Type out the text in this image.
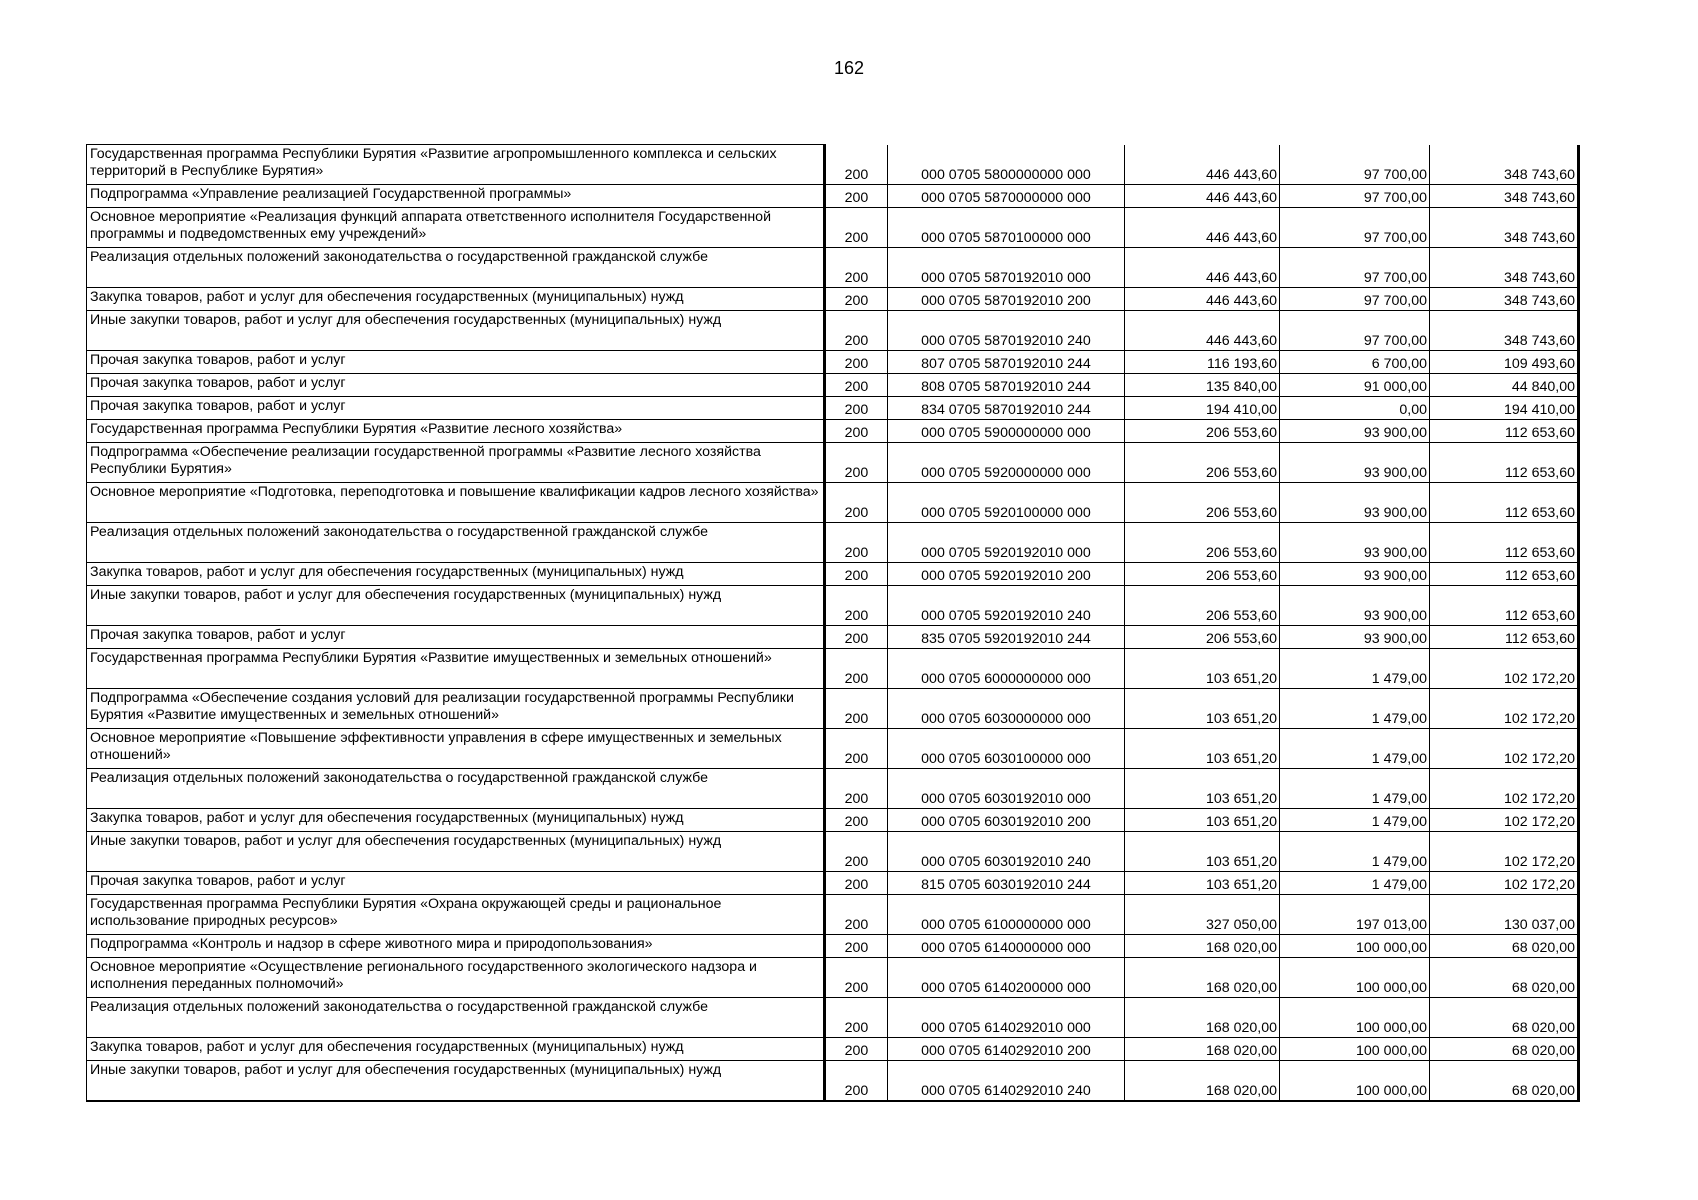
162
Государственная программа Республики Бурятия «Развитие агропромышленного комплекса и сельских территорий в Республике Бурятия»	200	000 0705 5800000000 000	446 443,60	97 700,00	348 743,60
Подпрограмма «Управление реализацией Государственной программы»	200	000 0705 5870000000 000	446 443,60	97 700,00	348 743,60
Основное мероприятие «Реализация функций аппарата ответственного исполнителя Государственной программы и подведомственных ему учреждений»	200	000 0705 5870100000 000	446 443,60	97 700,00	348 743,60
Реализация отдельных положений законодательства о государственной гражданской службе	200	000 0705 5870192010 000	446 443,60	97 700,00	348 743,60
Закупка товаров, работ и услуг для обеспечения государственных (муниципальных) нужд	200	000 0705 5870192010 200	446 443,60	97 700,00	348 743,60
Иные закупки товаров, работ и услуг для обеспечения государственных (муниципальных) нужд	200	000 0705 5870192010 240	446 443,60	97 700,00	348 743,60
Прочая закупка товаров, работ и услуг	200	807 0705 5870192010 244	116 193,60	6 700,00	109 493,60
Прочая закупка товаров, работ и услуг	200	808 0705 5870192010 244	135 840,00	91 000,00	44 840,00
Прочая закупка товаров, работ и услуг	200	834 0705 5870192010 244	194 410,00	0,00	194 410,00
Государственная программа Республики Бурятия «Развитие лесного хозяйства»	200	000 0705 5900000000 000	206 553,60	93 900,00	112 653,60
Подпрограмма «Обеспечение реализации государственной программы «Развитие лесного хозяйства Республики Бурятия»	200	000 0705 5920000000 000	206 553,60	93 900,00	112 653,60
Основное мероприятие «Подготовка, переподготовка и повышение квалификации кадров лесного хозяйства»	200	000 0705 5920100000 000	206 553,60	93 900,00	112 653,60
Реализация отдельных положений законодательства о государственной гражданской службе	200	000 0705 5920192010 000	206 553,60	93 900,00	112 653,60
Закупка товаров, работ и услуг для обеспечения государственных (муниципальных) нужд	200	000 0705 5920192010 200	206 553,60	93 900,00	112 653,60
Иные закупки товаров, работ и услуг для обеспечения государственных (муниципальных) нужд	200	000 0705 5920192010 240	206 553,60	93 900,00	112 653,60
Прочая закупка товаров, работ и услуг	200	835 0705 5920192010 244	206 553,60	93 900,00	112 653,60
Государственная программа Республики Бурятия «Развитие имущественных и земельных отношений»	200	000 0705 6000000000 000	103 651,20	1 479,00	102 172,20
Подпрограмма «Обеспечение создания условий для реализации государственной программы Республики Бурятия «Развитие имущественных и земельных отношений»	200	000 0705 6030000000 000	103 651,20	1 479,00	102 172,20
Основное мероприятие «Повышение эффективности управления в сфере имущественных и земельных отношений»	200	000 0705 6030100000 000	103 651,20	1 479,00	102 172,20
Реализация отдельных положений законодательства о государственной гражданской службе	200	000 0705 6030192010 000	103 651,20	1 479,00	102 172,20
Закупка товаров, работ и услуг для обеспечения государственных (муниципальных) нужд	200	000 0705 6030192010 200	103 651,20	1 479,00	102 172,20
Иные закупки товаров, работ и услуг для обеспечения государственных (муниципальных) нужд	200	000 0705 6030192010 240	103 651,20	1 479,00	102 172,20
Прочая закупка товаров, работ и услуг	200	815 0705 6030192010 244	103 651,20	1 479,00	102 172,20
Государственная программа Республики Бурятия «Охрана окружающей среды и рациональное использование природных ресурсов»	200	000 0705 6100000000 000	327 050,00	197 013,00	130 037,00
Подпрограмма «Контроль и надзор в сфере животного мира и природопользования»	200	000 0705 6140000000 000	168 020,00	100 000,00	68 020,00
Основное мероприятие «Осуществление регионального государственного экологического надзора и исполнения переданных полномочий»	200	000 0705 6140200000 000	168 020,00	100 000,00	68 020,00
Реализация отдельных положений законодательства о государственной гражданской службе	200	000 0705 6140292010 000	168 020,00	100 000,00	68 020,00
Закупка товаров, работ и услуг для обеспечения государственных (муниципальных) нужд	200	000 0705 6140292010 200	168 020,00	100 000,00	68 020,00
Иные закупки товаров, работ и услуг для обеспечения государственных (муниципальных) нужд	200	000 0705 6140292010 240	168 020,00	100 000,00	68 020,00
